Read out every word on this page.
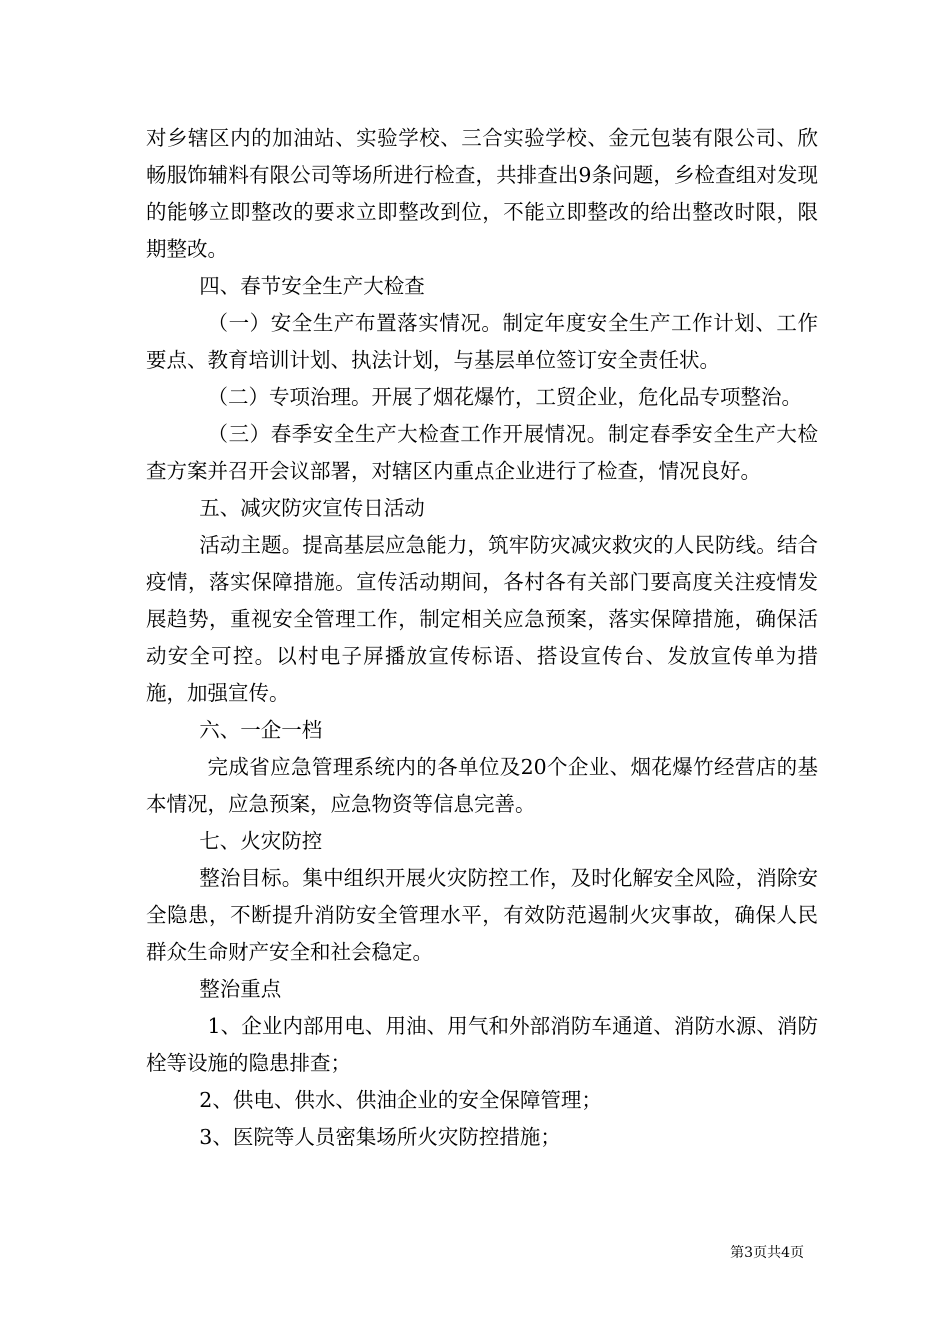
对乡辖区内的加油站、实验学校、三合实验学校、金元包装有限公司、欣畅服饰辅料有限公司等场所进行检查，共排查出9条问题，乡检查组对发现的能够立即整改的要求立即整改到位，不能立即整改的给出整改时限，限期整改。

四、春节安全生产大检查

（一）安全生产布置落实情况。制定年度安全生产工作计划、工作要点、教育培训计划、执法计划，与基层单位签订安全责任状。

（二）专项治理。开展了烟花爆竹，工贸企业，危化品专项整治。

（三）春季安全生产大检查工作开展情况。制定春季安全生产大检查方案并召开会议部署，对辖区内重点企业进行了检查，情况良好。

五、减灾防灾宣传日活动

活动主题。提高基层应急能力，筑牢防灾减灾救灾的人民防线。结合疫情，落实保障措施。宣传活动期间，各村各有关部门要高度关注疫情发展趋势，重视安全管理工作，制定相关应急预案，落实保障措施，确保活动安全可控。以村电子屏播放宣传标语、搭设宣传台、发放宣传单为措施，加强宣传。

六、一企一档

完成省应急管理系统内的各单位及20个企业、烟花爆竹经营店的基本情况，应急预案，应急物资等信息完善。

七、火灾防控

整治目标。集中组织开展火灾防控工作，及时化解安全风险，消除安全隐患，不断提升消防安全管理水平，有效防范遏制火灾事故，确保人民群众生命财产安全和社会稳定。

整治重点

1、企业内部用电、用油、用气和外部消防车通道、消防水源、消防栓等设施的隐患排查；

2、供电、供水、供油企业的安全保障管理；

3、医院等人员密集场所火灾防控措施；

第3页共4页
